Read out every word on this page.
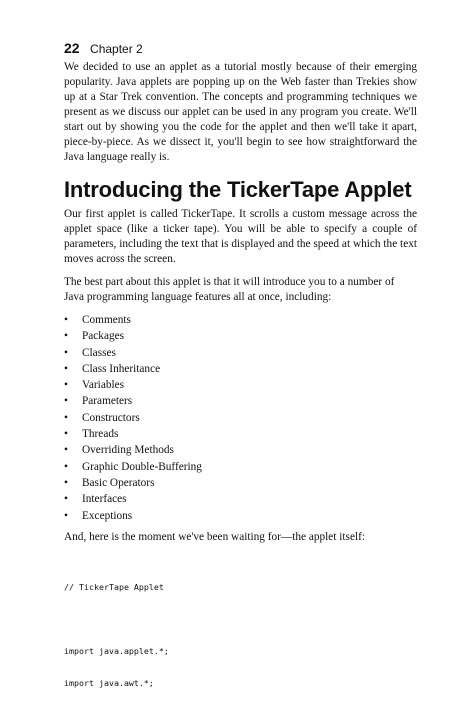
22 Chapter 2

We decided to use an applet as a tutorial mostly because of their emerging popularity. Java applets are popping up on the Web faster than Trekies show up at a Star Trek convention. The concepts and programming techniques we present as we discuss our applet can be used in any program you create. We'll start out by showing you the code for the applet and then we'll take it apart, piece-by-piece. As we dissect it, you'll begin to see how straightforward the Java language really is.

Introducing the TickerTape Applet

Our first applet is called TickerTape. It scrolls a custom message across the applet space (like a ticker tape). You will be able to specify a couple of parameters, including the text that is displayed and the speed at which the text moves across the screen.

The best part about this applet is that it will introduce you to a number of Java programming language features all at once, including:

• Comments
• Packages
• Classes
• Class Inheritance
• Variables
• Parameters
• Constructors
• Threads
• Overriding Methods
• Graphic Double-Buffering
• Basic Operators
• Interfaces
• Exceptions

And, here is the moment we've been waiting for—the applet itself:

// TickerTape Applet

import java.applet.*;

import java.awt.*;
